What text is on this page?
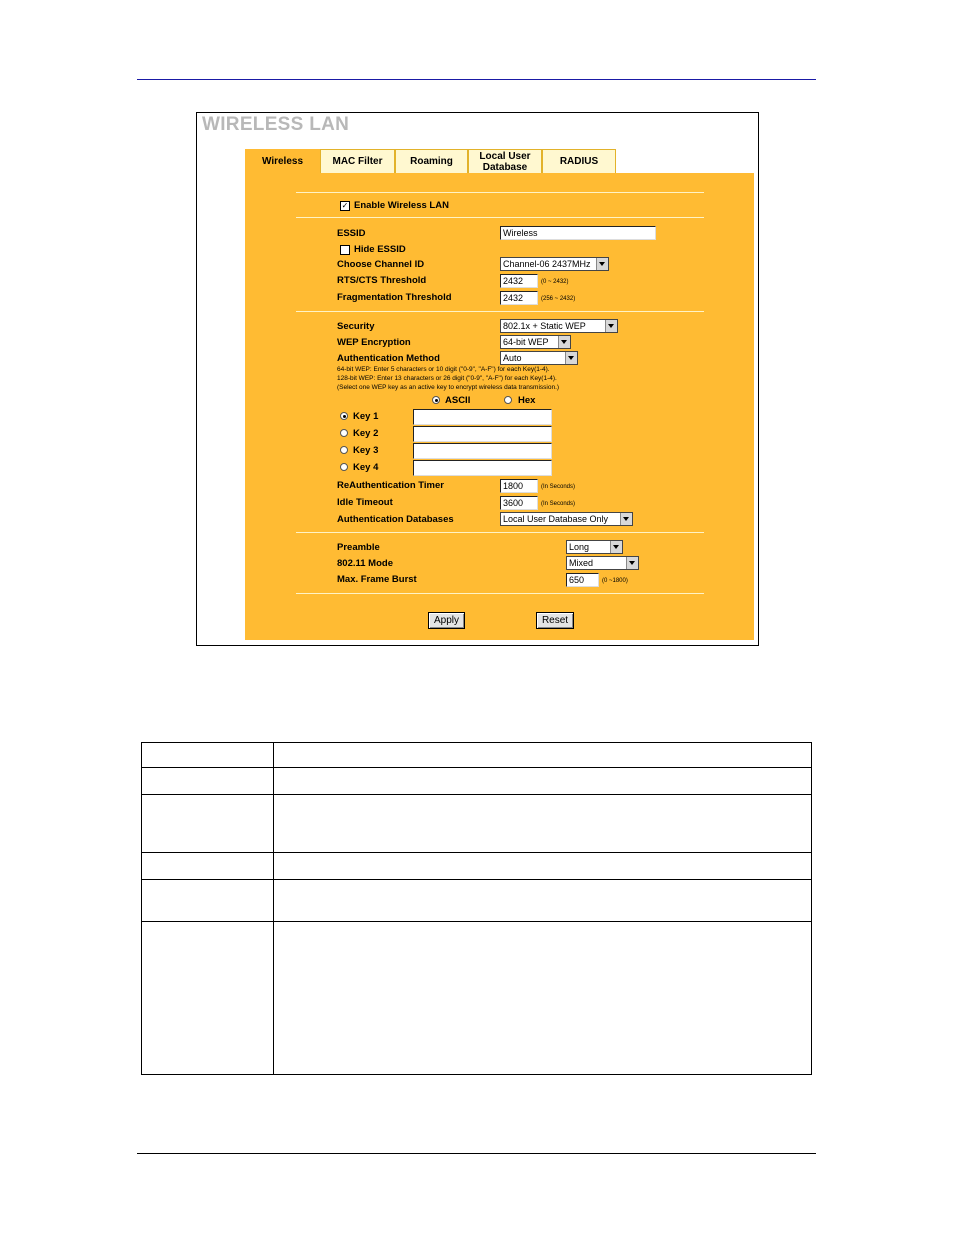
WIRELESS LAN
Wireless	MAC Filter	Roaming	Local User Database	RADIUS
✓ Enable Wireless LAN
ESSID	Wireless
Hide ESSID
Choose Channel ID	Channel-06 2437MHz
RTS/CTS Threshold	2432	(0 ~ 2432)
Fragmentation Threshold	2432	(256 ~ 2432)
Security	802.1x + Static WEP
WEP Encryption	64-bit WEP
Authentication Method	Auto
64-bit WEP: Enter 5 characters or 10 digit ("0-9", "A-F") for each Key(1-4).
128-bit WEP: Enter 13 characters or 26 digit ("0-9", "A-F") for each Key(1-4).
(Select one WEP key as an active key to encrypt wireless data transmission.)
ASCII	Hex
Key 1
Key 2
Key 3
Key 4
ReAuthentication Timer	1800	(In Seconds)
Idle Timeout	3600	(In Seconds)
Authentication Databases	Local User Database Only
Preamble	Long
802.11 Mode	Mixed
Max. Frame Burst	650	(0 ~1800)
Apply	Reset
